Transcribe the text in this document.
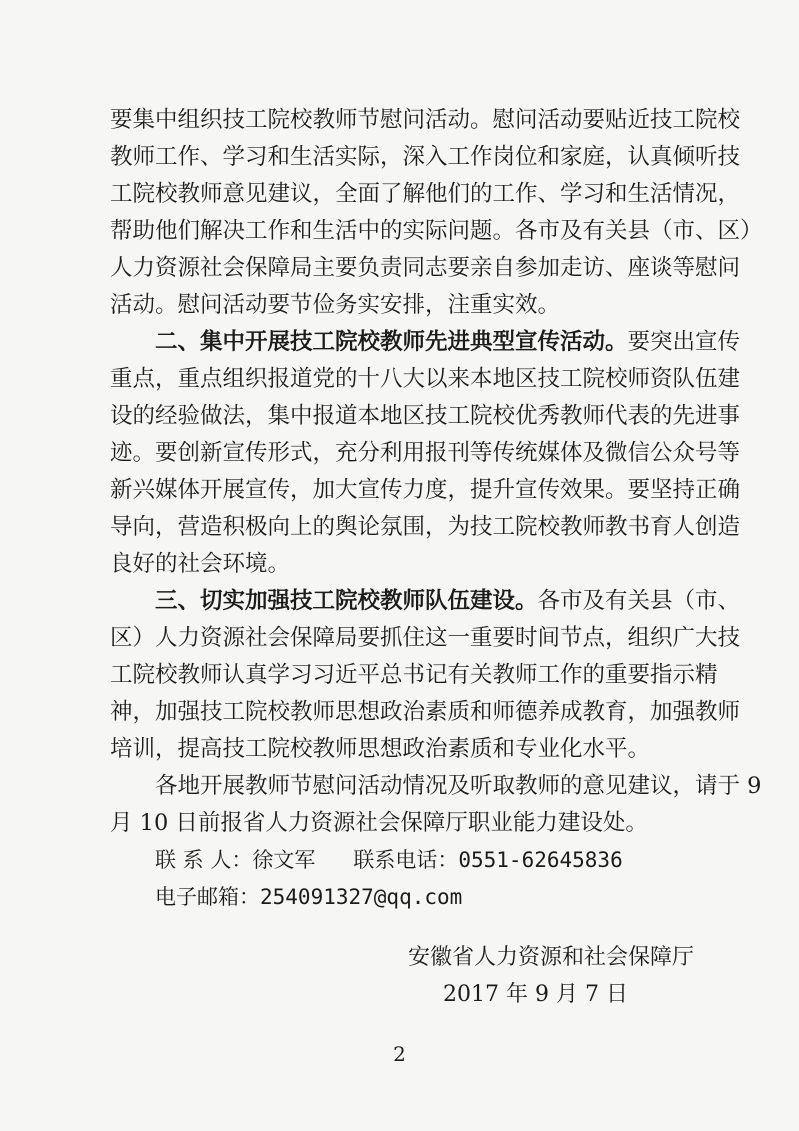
要集中组织技工院校教师节慰问活动。慰问活动要贴近技工院校
教师工作、学习和生活实际，深入工作岗位和家庭，认真倾听技
工院校教师意见建议，全面了解他们的工作、学习和生活情况，
帮助他们解决工作和生活中的实际问题。各市及有关县（市、区）
人力资源社会保障局主要负责同志要亲自参加走访、座谈等慰问
活动。慰问活动要节俭务实安排，注重实效。
二、集中开展技工院校教师先进典型宣传活动。要突出宣传
重点，重点组织报道党的十八大以来本地区技工院校师资队伍建
设的经验做法，集中报道本地区技工院校优秀教师代表的先进事
迹。要创新宣传形式，充分利用报刊等传统媒体及微信公众号等
新兴媒体开展宣传，加大宣传力度，提升宣传效果。要坚持正确
导向，营造积极向上的舆论氛围，为技工院校教师教书育人创造
良好的社会环境。
三、切实加强技工院校教师队伍建设。各市及有关县（市、
区）人力资源社会保障局要抓住这一重要时间节点，组织广大技
工院校教师认真学习习近平总书记有关教师工作的重要指示精
神，加强技工院校教师思想政治素质和师德养成教育，加强教师
培训，提高技工院校教师思想政治素质和专业化水平。
各地开展教师节慰问活动情况及听取教师的意见建议，请于 9
月 10 日前报省人力资源社会保障厅职业能力建设处。
联 系 人：徐文军 联系电话：0551-62645836
电子邮箱：254091327@qq.com
安徽省人力资源和社会保障厅
2017 年 9 月 7 日
2
